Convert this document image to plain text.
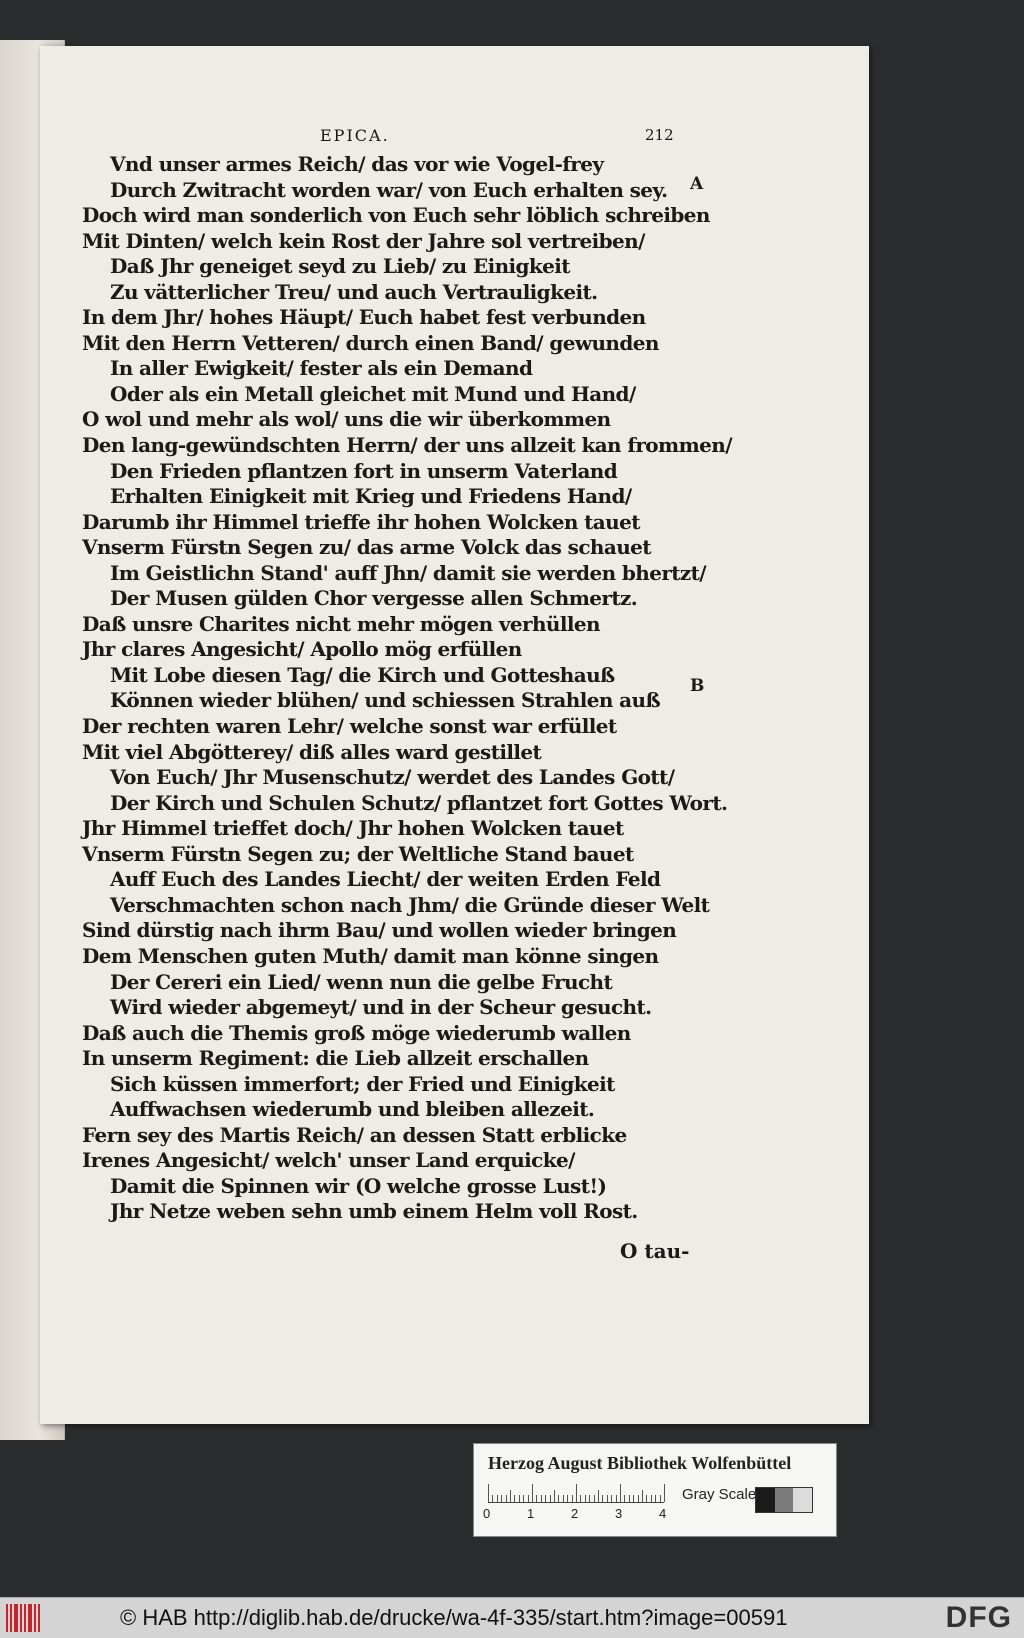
EPICA.	212
Vnd unser armes Reich/ das vor wie Vogel-frey
Durch Zwitracht worden war/ von Euch erhalten sey.
Doch wird man sonderlich von Euch sehr löblich schreiben
Mit Dinten/ welch kein Rost der Jahre sol vertreiben/
Daß Jhr geneiget seyd zu Lieb/ zu Einigkeit
Zu vätterlicher Treu/ und auch Vertrauligkeit.
In dem Jhr/ hohes Häupt/ Euch habet fest verbunden
Mit den Herrn Vetteren/ durch einen Band/ gewunden
In aller Ewigkeit/ fester als ein Demand
Oder als ein Metall gleichet mit Mund und Hand/
O wol und mehr als wol/ uns die wir überkommen
Den lang-gewündschten Herrn/ der uns allzeit kan frommen/
Den Frieden pflantzen fort in unserm Vaterland
Erhalten Einigkeit mit Krieg und Friedens Hand/
Darumb ihr Himmel trieffe ihr hohen Wolcken tauet
Vnserm Fürstn Segen zu/ das arme Volck das schauet
Im Geistlichn Stand' auff Jhn/ damit sie werden bhertzt/
Der Musen gülden Chor vergesse allen Schmertz.
Daß unsre Charites nicht mehr mögen verhüllen
Jhr clares Angesicht/ Apollo mög erfüllen
Mit Lobe diesen Tag/ die Kirch und Gotteshauß
Können wieder blühen/ und schiessen Strahlen auß
Der rechten waren Lehr/ welche sonst war erfüllet
Mit viel Abgötterey/ diß alles ward gestillet
Von Euch/ Jhr Musenschutz/ werdet des Landes Gott/
Der Kirch und Schulen Schutz/ pflantzet fort Gottes Wort.
Jhr Himmel trieffet doch/ Jhr hohen Wolcken tauet
Vnserm Fürstn Segen zu; der Weltliche Stand bauet
Auff Euch des Landes Liecht/ der weiten Erden Feld
Verschmachten schon nach Jhm/ die Gründe dieser Welt
Sind dürstig nach ihrm Bau/ und wollen wieder bringen
Dem Menschen guten Muth/ damit man könne singen
Der Cereri ein Lied/ wenn nun die gelbe Frucht
Wird wieder abgemeyt/ und in der Scheur gesucht.
Daß auch die Themis groß möge wiederumb wallen
In unserm Regiment: die Lieb allzeit erschallen
Sich küssen immerfort; der Fried und Einigkeit
Auffwachsen wiederumb und bleiben allezeit.
Fern sey des Martis Reich/ an dessen Statt erblicke
Irenes Angesicht/ welch' unser Land erquicke/
Damit die Spinnen wir (O welche grosse Lust!)
Jhr Netze weben sehn umb einem Helm voll Rost.
A
B
O tau-
Herzog August Bibliothek Wolfenbüttel
0	1	2	3	4
Gray Scale
© HAB http://diglib.hab.de/drucke/wa-4f-335/start.htm?image=00591	DFG
